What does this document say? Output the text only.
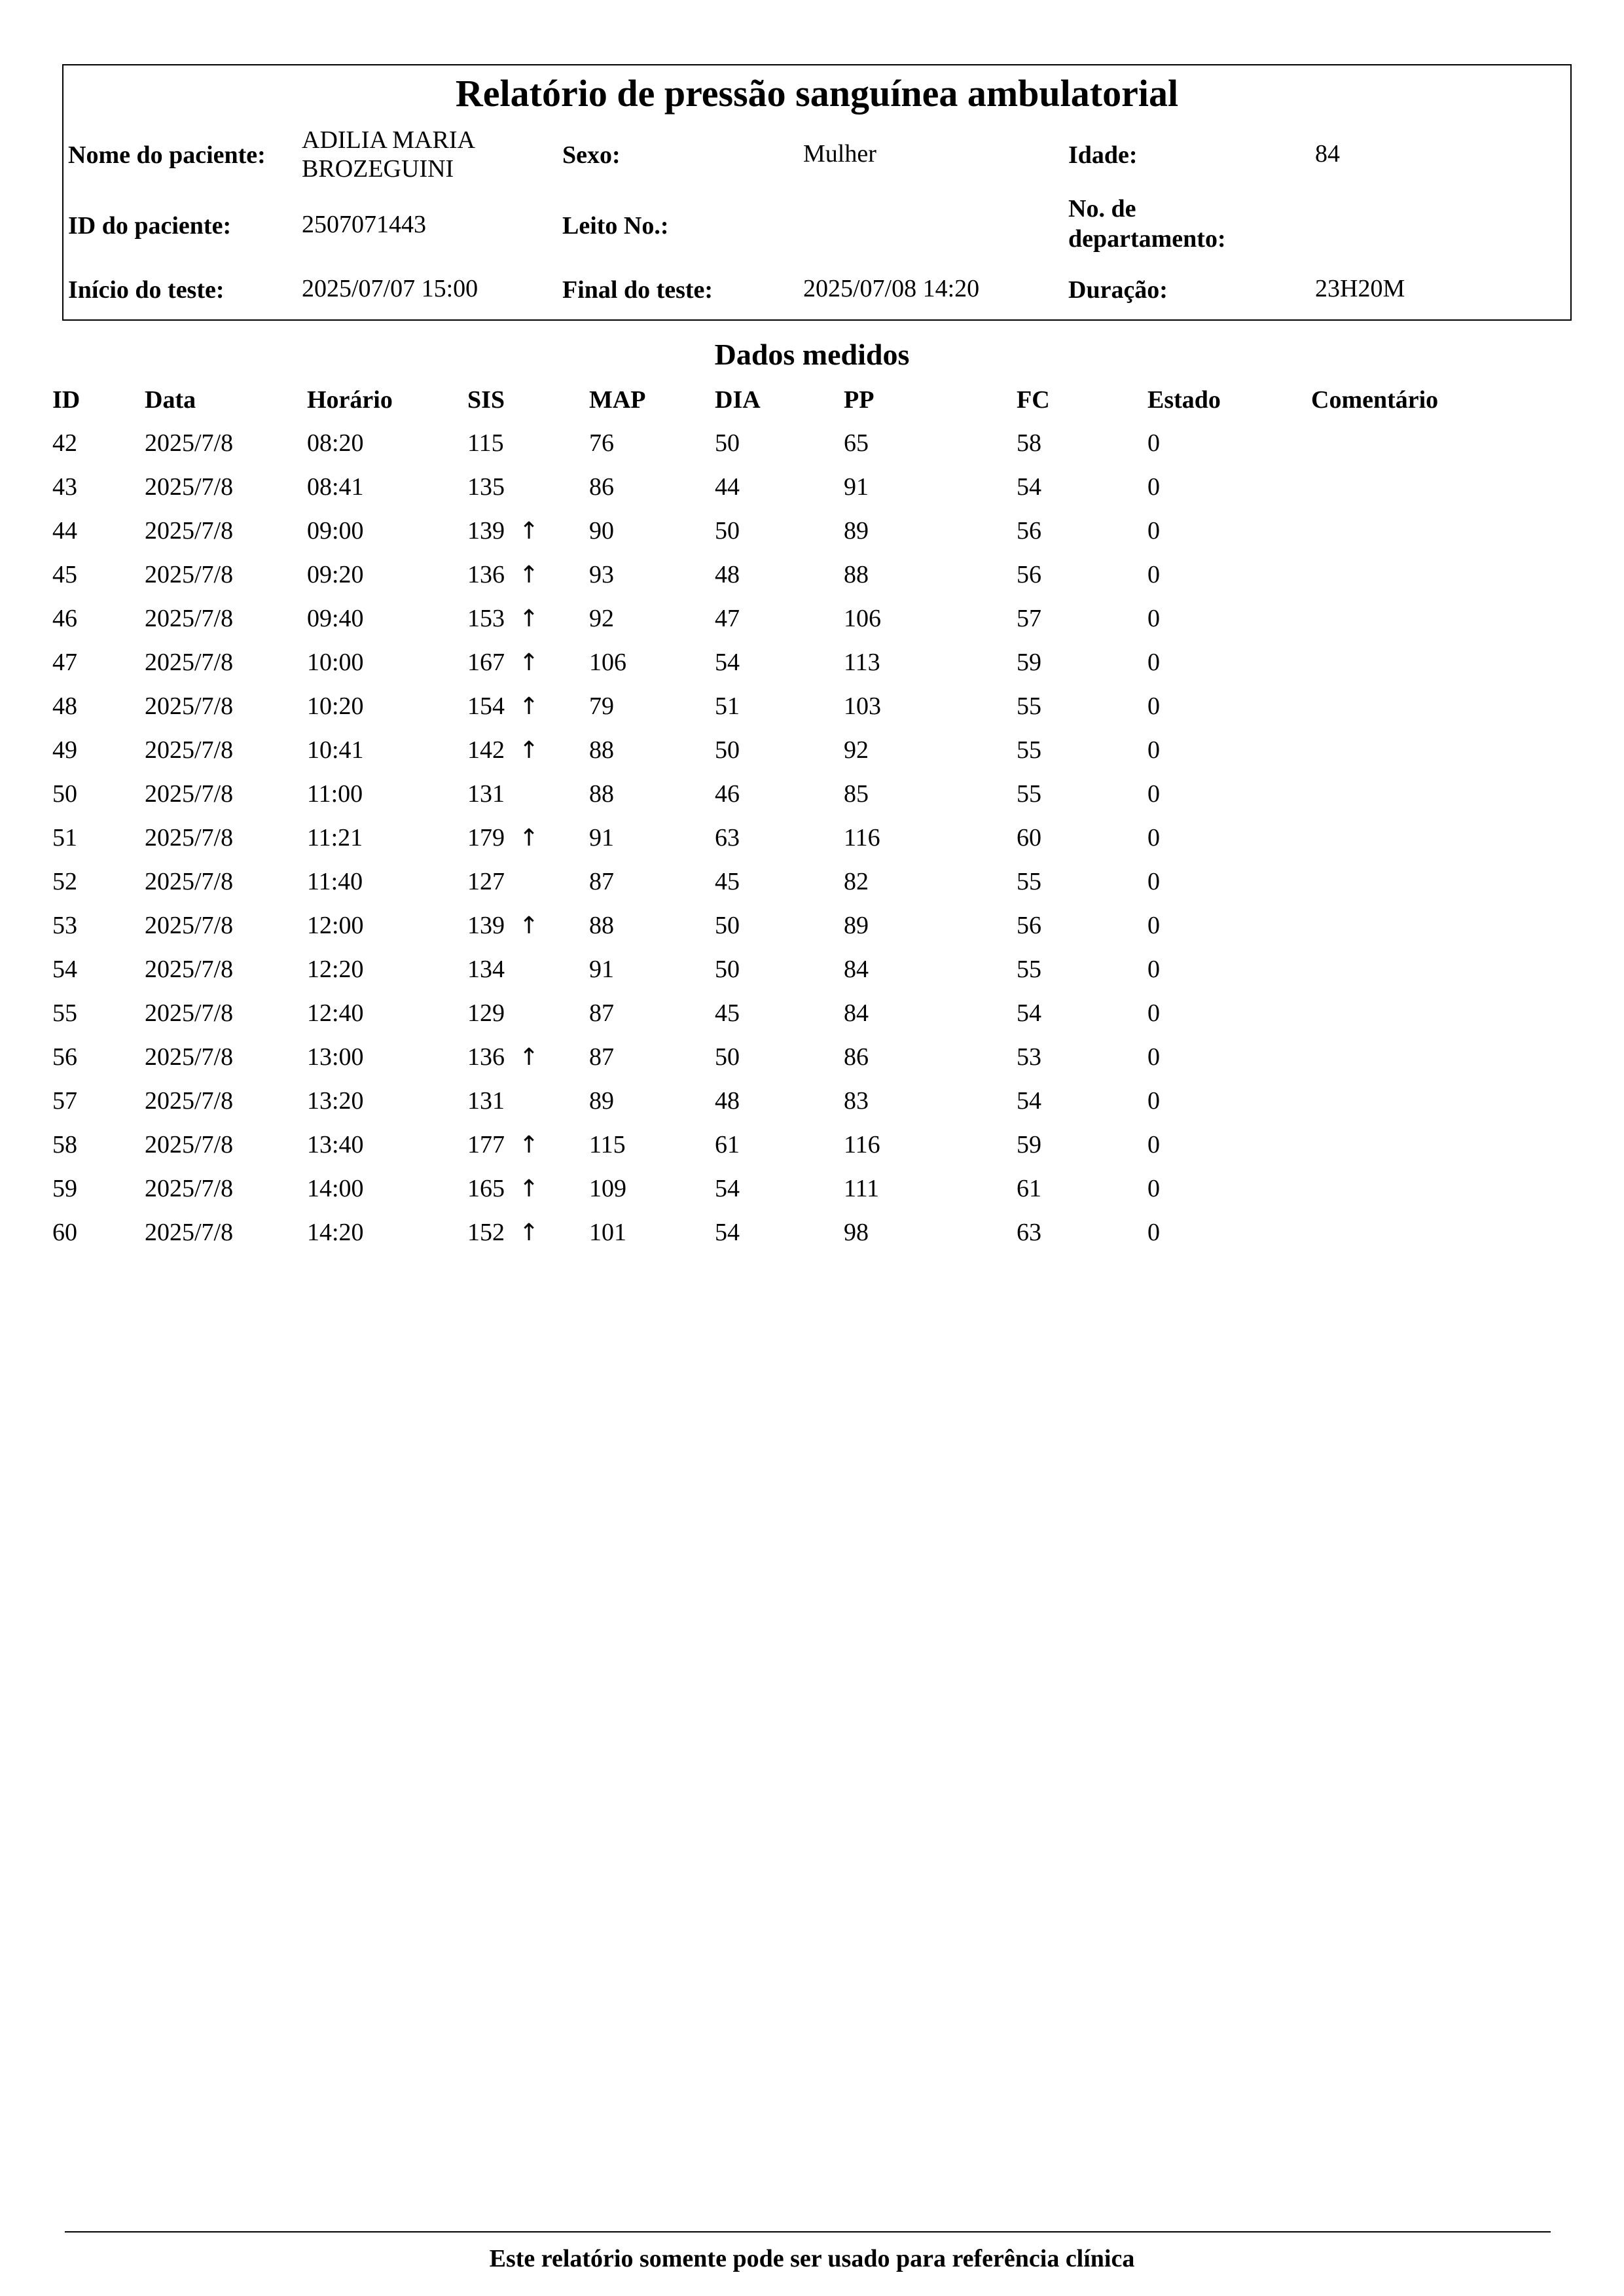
Relatório de pressão sanguínea ambulatorial
Nome do paciente:
ADILIA MARIA BROZEGUINI	Sexo:	Mulher	Idade:	84
ID do paciente:	2507071443	Leito No.:
No. de departamento:
Início do teste:	2025/07/07 15:00	Final do teste:	2025/07/08 14:20	Duração:	23H20M
Dados medidos
ID	Data	Horário	SIS	MAP	DIA	PP	FC	Estado	Comentário
42	2025/7/8	08:20	115	76	50	65	58	0
43	2025/7/8	08:41	135	86	44	91	54	0
44	2025/7/8	09:00	139 ↑ 90	50	89	56	0
45	2025/7/8	09:20	136 ↑ 93	48	88	56	0
46	2025/7/8	09:40	153 ↑ 92	47	106	57	0
47	2025/7/8	10:00	167 ↑ 106	54	113	59	0
48	2025/7/8	10:20	154 ↑ 79	51	103	55	0
49	2025/7/8	10:41	142 ↑ 88	50	92	55	0
50	2025/7/8	11:00	131	88	46	85	55	0
51	2025/7/8	11:21	179 ↑ 91	63	116	60	0
52	2025/7/8	11:40	127	87	45	82	55	0
53	2025/7/8	12:00	139 ↑ 88	50	89	56	0
54	2025/7/8	12:20	134	91	50	84	55	0
55	2025/7/8	12:40	129	87	45	84	54	0
56	2025/7/8	13:00	136 ↑ 87	50	86	53	0
57	2025/7/8	13:20	131	89	48	83	54	0
58	2025/7/8	13:40	177 ↑ 115	61	116	59	0
59	2025/7/8	14:00	165 ↑ 109	54	111	61	0
60	2025/7/8	14:20	152 ↑ 101	54	98	63	0
Este relatório somente pode ser usado para referência clínica
